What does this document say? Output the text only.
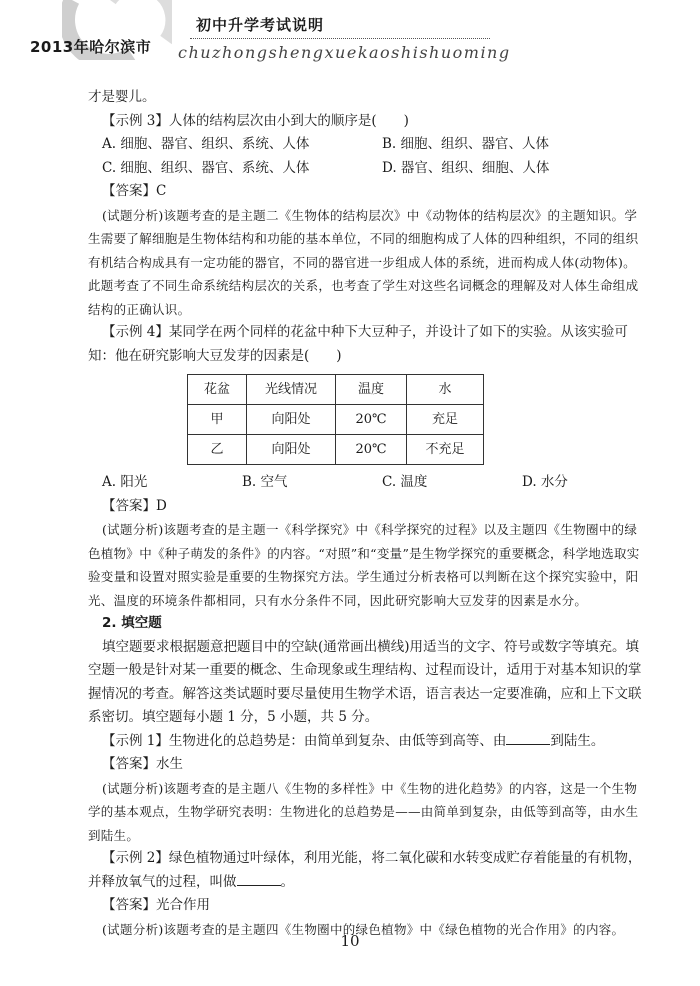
2013年哈尔滨市
初中升学考试说明
chuzhongshengxuekaoshishuoming

才是婴儿。

【示例 3】人体的结构层次由小到大的顺序是(　　)

A. 细胞、器官、组织、系统、人体	B. 细胞、组织、器官、人体
C. 细胞、组织、器官、系统、人体	D. 器官、组织、细胞、人体

【答案】C

(试题分析)该题考查的是主题二《生物体的结构层次》中《动物体的结构层次》的主题知识。学生需要了解细胞是生物体结构和功能的基本单位，不同的细胞构成了人体的四种组织，不同的组织有机结合构成具有一定功能的器官，不同的器官进一步组成人体的系统，进而构成人体(动物体)。此题考查了不同生命系统结构层次的关系，也考查了学生对这些名词概念的理解及对人体生命组成结构的正确认识。

【示例 4】某同学在两个同样的花盆中种下大豆种子，并设计了如下的实验。从该实验可知：他在研究影响大豆发芽的因素是(　　)

花盆	光线情况	温度	水
甲	向阳处	20℃	充足
乙	向阳处	20℃	不充足
A. 阳光	B. 空气	C. 温度	D. 水分

【答案】D

(试题分析)该题考查的是主题一《科学探究》中《科学探究的过程》以及主题四《生物圈中的绿色植物》中《种子萌发的条件》的内容。“对照”和“变量”是生物学探究的重要概念，科学地选取实验变量和设置对照实验是重要的生物探究方法。学生通过分析表格可以判断在这个探究实验中，阳光、温度的环境条件都相同，只有水分条件不同，因此研究影响大豆发芽的因素是水分。

2. 填空题

填空题要求根据题意把题目中的空缺(通常画出横线)用适当的文字、符号或数字等填充。填空题一般是针对某一重要的概念、生命现象或生理结构、过程而设计，适用于对基本知识的掌握情况的考查。解答这类试题时要尽量使用生物学术语，语言表达一定要准确，应和上下文联系密切。填空题每小题 1 分，5 小题，共 5 分。

【示例 1】生物进化的总趋势是：由简单到复杂、由低等到高等、由	到陆生。

【答案】水生

(试题分析)该题考查的是主题八《生物的多样性》中《生物的进化趋势》的内容，这是一个生物学的基本观点，生物学研究表明：生物进化的总趋势是——由简单到复杂，由低等到高等，由水生到陆生。

【示例 2】绿色植物通过叶绿体，利用光能，将二氧化碳和水转变成贮存着能量的有机物，并释放氧气的过程，叫做	。

【答案】光合作用

(试题分析)该题考查的是主题四《生物圈中的绿色植物》中《绿色植物的光合作用》的内容。

10
